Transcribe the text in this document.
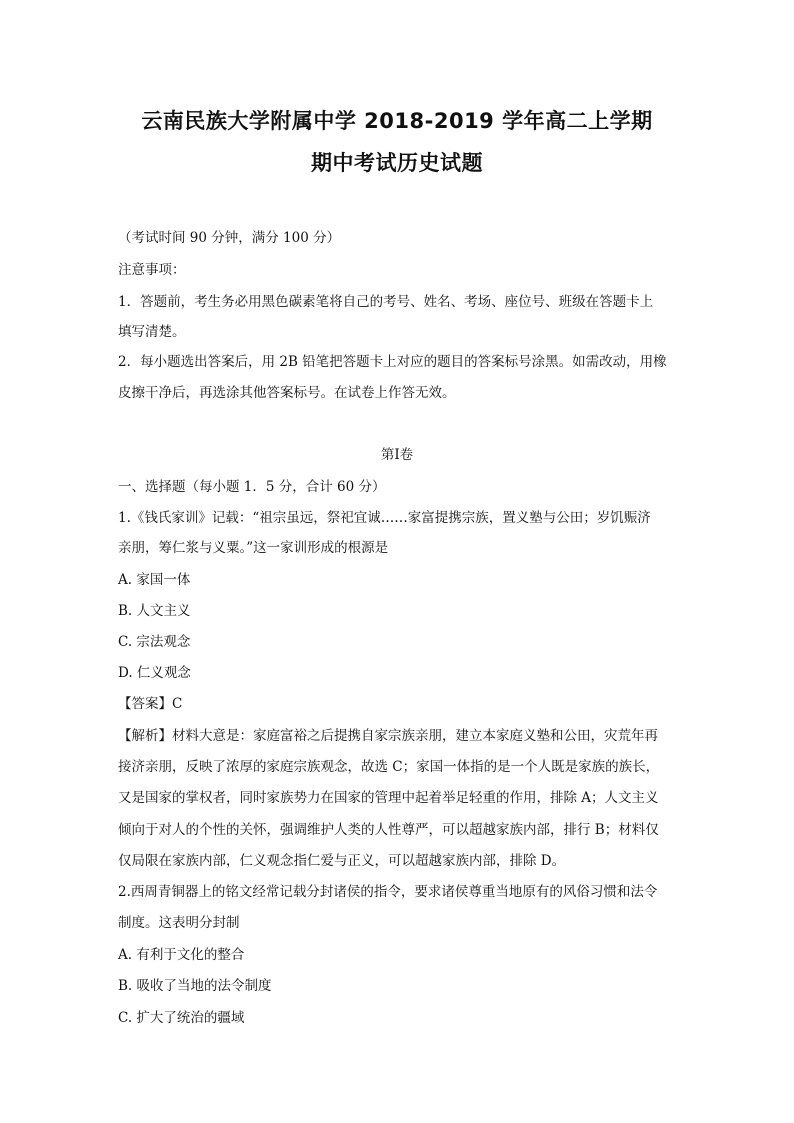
云南民族大学附属中学 2018-2019 学年高二上学期
期中考试历史试题
（考试时间 90 分钟，满分 100 分）
注意事项：
1．答题前，考生务必用黑色碳素笔将自己的考号、姓名、考场、座位号、班级在答题卡上
填写清楚。
2．每小题选出答案后，用 2B 铅笔把答题卡上对应的题目的答案标号涂黑。如需改动，用橡
皮擦干净后，再选涂其他答案标号。在试卷上作答无效。
第Ⅰ卷
一、选择题（每小题 1．5 分，合计 60 分）
1.《钱氏家训》记载：“祖宗虽远，祭祀宜诚……家富提携宗族，置义塾与公田；岁饥赈济
亲朋，筹仁浆与义粟。”这一家训形成的根源是
A. 家国一体
B. 人文主义
C. 宗法观念
D. 仁义观念
【答案】C
【解析】材料大意是：家庭富裕之后提携自家宗族亲朋，建立本家庭义塾和公田，灾荒年再
接济亲朋，反映了浓厚的家庭宗族观念，故选 C；家国一体指的是一个人既是家族的族长，
又是国家的掌权者，同时家族势力在国家的管理中起着举足轻重的作用，排除 A；人文主义
倾向于对人的个性的关怀，强调维护人类的人性尊严，可以超越家族内部，排行 B；材料仅
仅局限在家族内部，仁义观念指仁爱与正义，可以超越家族内部，排除 D。
2.西周青铜器上的铭文经常记载分封诸侯的指令，要求诸侯尊重当地原有的风俗习惯和法令
制度。这表明分封制
A. 有利于文化的整合
B. 吸收了当地的法令制度
C. 扩大了统治的疆域
